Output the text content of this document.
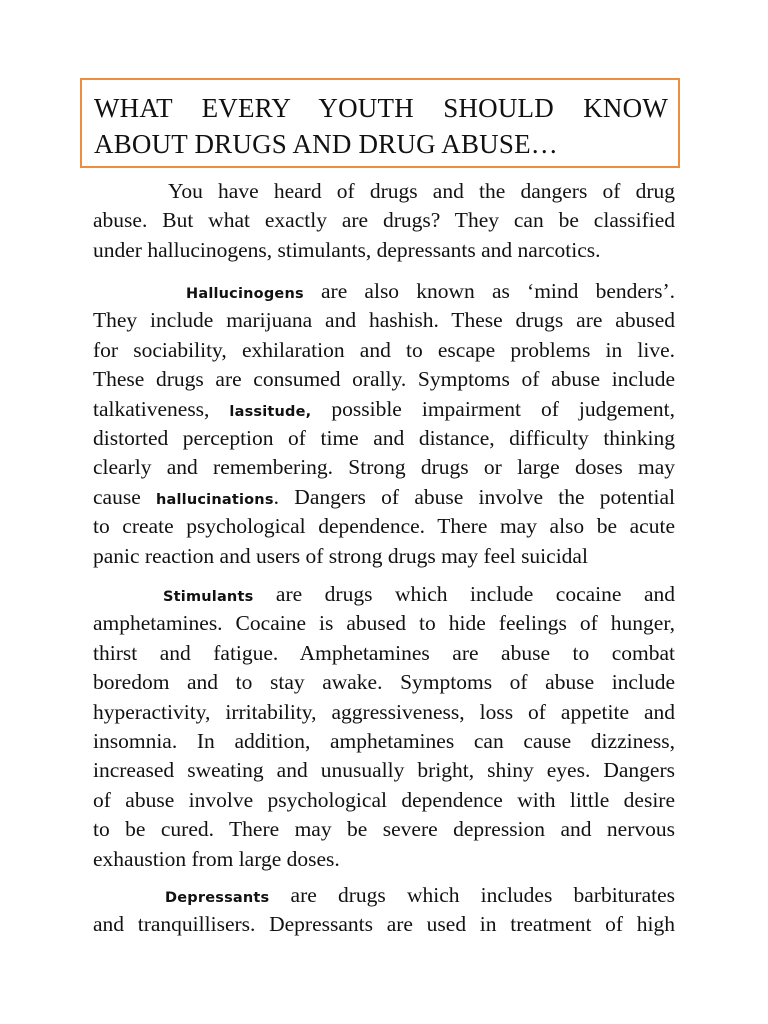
WHAT EVERY YOUTH SHOULD KNOW
ABOUT DRUGS AND DRUG ABUSE…
You have heard of drugs and the dangers of drug
abuse. But what exactly are drugs? They can be classified
under hallucinogens, stimulants, depressants and narcotics.
Hallucinogens are also known as ‘mind benders’.
They include marijuana and hashish. These drugs are abused
for sociability, exhilaration and to escape problems in live.
These drugs are consumed orally. Symptoms of abuse include
talkativeness, lassitude, possible impairment of judgement,
distorted perception of time and distance, difficulty thinking
clearly and remembering. Strong drugs or large doses may
cause hallucinations. Dangers of abuse involve the potential
to create psychological dependence. There may also be acute
panic reaction and users of strong drugs may feel suicidal
Stimulants are drugs which include cocaine and
amphetamines. Cocaine is abused to hide feelings of hunger,
thirst and fatigue. Amphetamines are abuse to combat
boredom and to stay awake. Symptoms of abuse include
hyperactivity, irritability, aggressiveness, loss of appetite and
insomnia. In addition, amphetamines can cause dizziness,
increased sweating and unusually bright, shiny eyes. Dangers
of abuse involve psychological dependence with little desire
to be cured. There may be severe depression and nervous
exhaustion from large doses.
Depressants are drugs which includes barbiturates
and tranquillisers. Depressants are used in treatment of high
